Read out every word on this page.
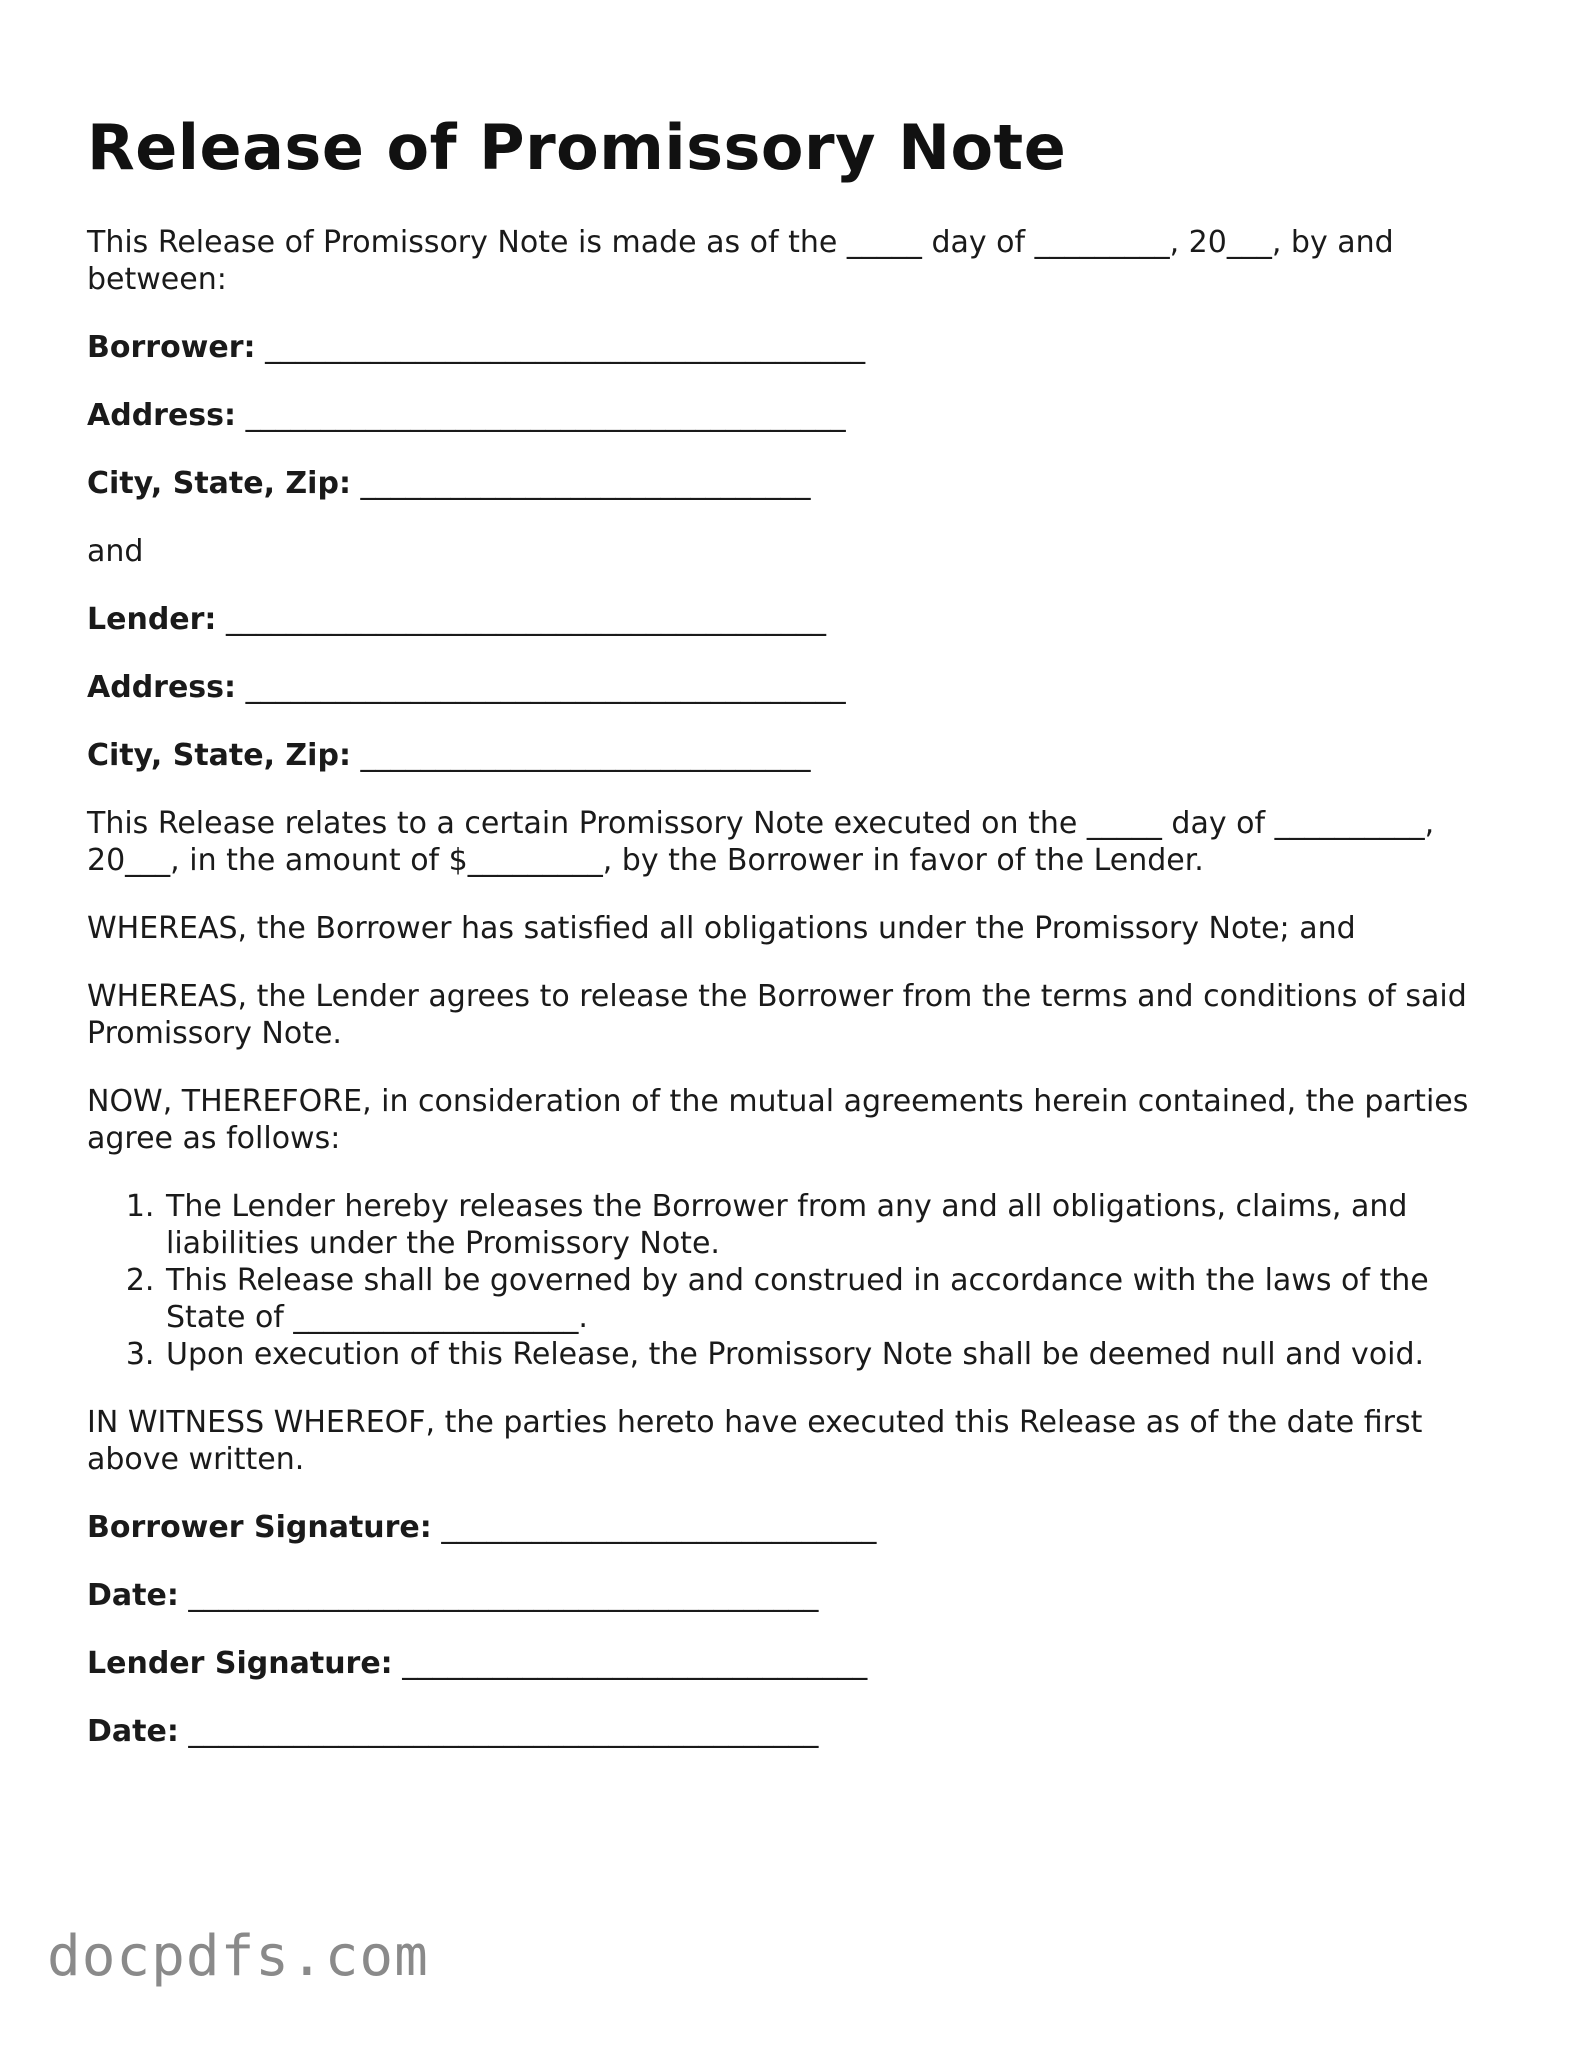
Release of Promissory Note

This Release of Promissory Note is made as of the _____ day of _________, 20___, by and between:

Borrower: ________________________________________

Address: ________________________________________

City, State, Zip: ______________________________

and

Lender: ________________________________________

Address: ________________________________________

City, State, Zip: ______________________________

This Release relates to a certain Promissory Note executed on the _____ day of __________, 20___, in the amount of $_________, by the Borrower in favor of the Lender.

WHEREAS, the Borrower has satisfied all obligations under the Promissory Note; and

WHEREAS, the Lender agrees to release the Borrower from the terms and conditions of said Promissory Note.

NOW, THEREFORE, in consideration of the mutual agreements herein contained, the parties agree as follows:

1. The Lender hereby releases the Borrower from any and all obligations, claims, and liabilities under the Promissory Note.
2. This Release shall be governed by and construed in accordance with the laws of the State of ___________________.
3. Upon execution of this Release, the Promissory Note shall be deemed null and void.

IN WITNESS WHEREOF, the parties hereto have executed this Release as of the date first above written.

Borrower Signature: _____________________________

Date: __________________________________________

Lender Signature: _______________________________

Date: __________________________________________

docpdfs.com
